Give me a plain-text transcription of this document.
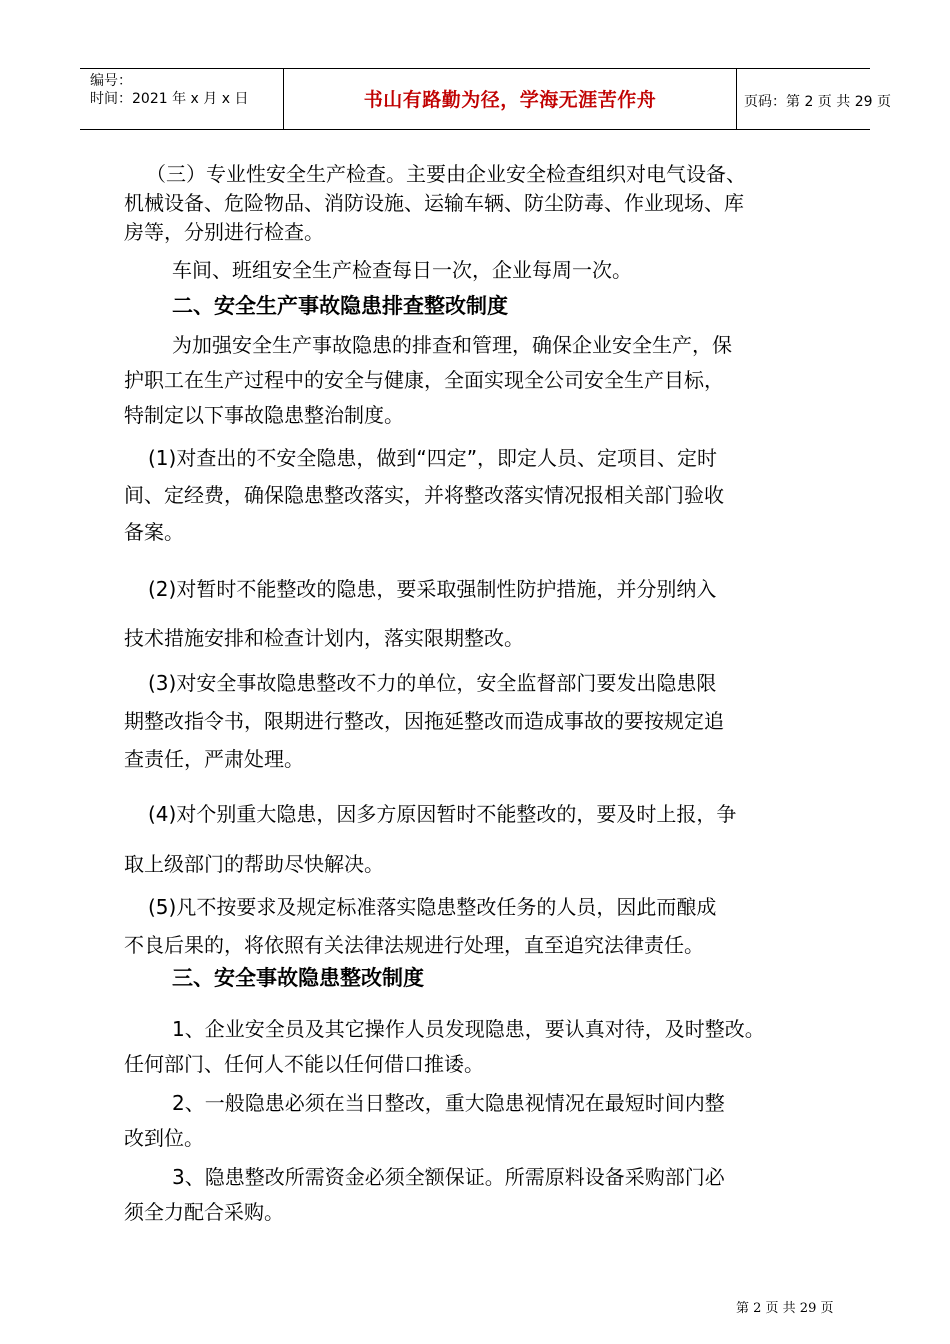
编号：
时间：2021 年 x 月 x 日	书山有路勤为径，学海无涯苦作舟	页码：第 2 页 共 29 页
（三）专业性安全生产检查。主要由企业安全检查组织对电气设备、
机械设备、危险物品、消防设施、运输车辆、防尘防毒、作业现场、库
房等，分别进行检查。
车间、班组安全生产检查每日一次，企业每周一次。
二、安全生产事故隐患排查整改制度
为加强安全生产事故隐患的排查和管理，确保企业安全生产，保
护职工在生产过程中的安全与健康，全面实现全公司安全生产目标，
特制定以下事故隐患整治制度。
(1)对查出的不安全隐患，做到“四定”，即定人员、定项目、定时
间、定经费，确保隐患整改落实，并将整改落实情况报相关部门验收
备案。
(2)对暂时不能整改的隐患，要采取强制性防护措施，并分别纳入
技术措施安排和检查计划内，落实限期整改。
(3)对安全事故隐患整改不力的单位，安全监督部门要发出隐患限
期整改指令书，限期进行整改，因拖延整改而造成事故的要按规定追
查责任，严肃处理。
(4)对个别重大隐患，因多方原因暂时不能整改的，要及时上报，争
取上级部门的帮助尽快解决。
(5)凡不按要求及规定标准落实隐患整改任务的人员，因此而酿成
不良后果的，将依照有关法律法规进行处理，直至追究法律责任。
三、安全事故隐患整改制度
1、企业安全员及其它操作人员发现隐患，要认真对待，及时整改。
任何部门、任何人不能以任何借口推诿。
2、一般隐患必须在当日整改，重大隐患视情况在最短时间内整
改到位。
3、隐患整改所需资金必须全额保证。所需原料设备采购部门必
须全力配合采购。
第 2 页 共 29 页
